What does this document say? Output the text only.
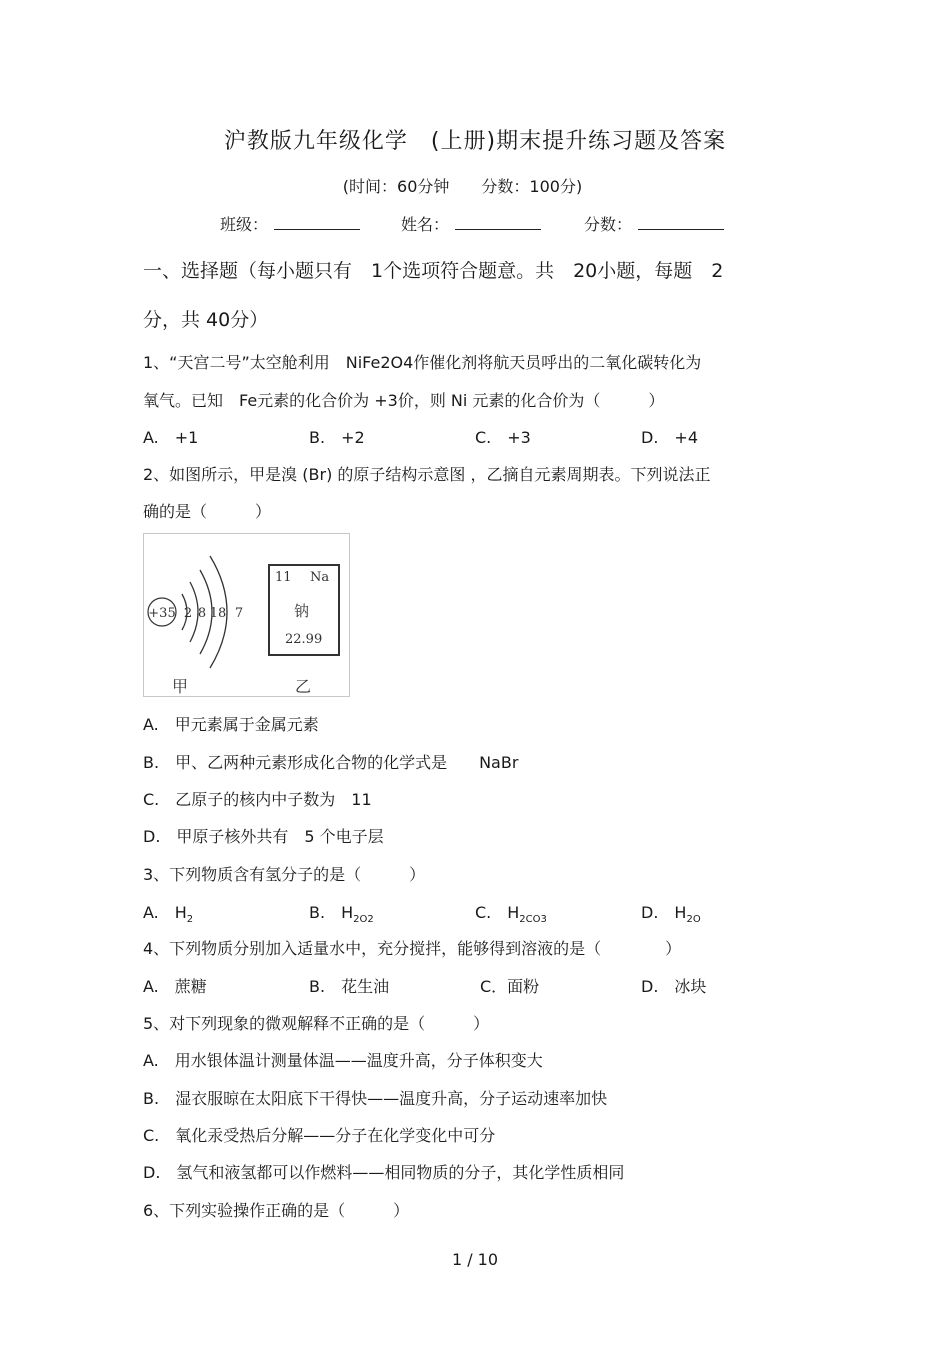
沪教版九年级化学　(上册)期末提升练习题及答案
(时间：60分钟　　分数：100分)
班级：	姓名：	分数：
一、选择题（每小题只有　1个选项符合题意。共　20小题，每题　2
分，共 40分）
1、“天宫二号”太空舱利用　NiFe2O4作催化剂将航天员呼出的二氧化碳转化为
氧气。已知　Fe元素的化合价为 +3价，则 Ni 元素的化合价为（　　　）
A.　+1	B.　+2	C.　+3	D.　+4
2、如图所示，甲是溴 (Br) 的原子结构示意图 ，乙摘自元素周期表。下列说法正
确的是（　　　）
+35 2 8 18 7
11 Na
钠
22.99
甲	乙
A.　甲元素属于金属元素
B.　甲、乙两种元素形成化合物的化学式是　　NaBr
C.　乙原子的核内中子数为　11
D.　甲原子核外共有　5 个电子层
3、下列物质含有氢分子的是（　　　）
A.　$H_2$	B.　$H_{2O2}$	C.　$H_{2CO3}$	D.　$H_{2O}$
4、下列物质分别加入适量水中，充分搅拌，能够得到溶液的是（　　　　）
A.　蔗糖	B.　花生油	C．面粉	D.　冰块
5、对下列现象的微观解释不正确的是（　　　）
A.　用水银体温计测量体温——温度升高，分子体积变大
B.　湿衣服晾在太阳底下干得快——温度升高，分子运动速率加快
C.　氧化汞受热后分解——分子在化学变化中可分
D.　氢气和液氢都可以作燃料——相同物质的分子，其化学性质相同
6、下列实验操作正确的是（　　　）
1 / 10
